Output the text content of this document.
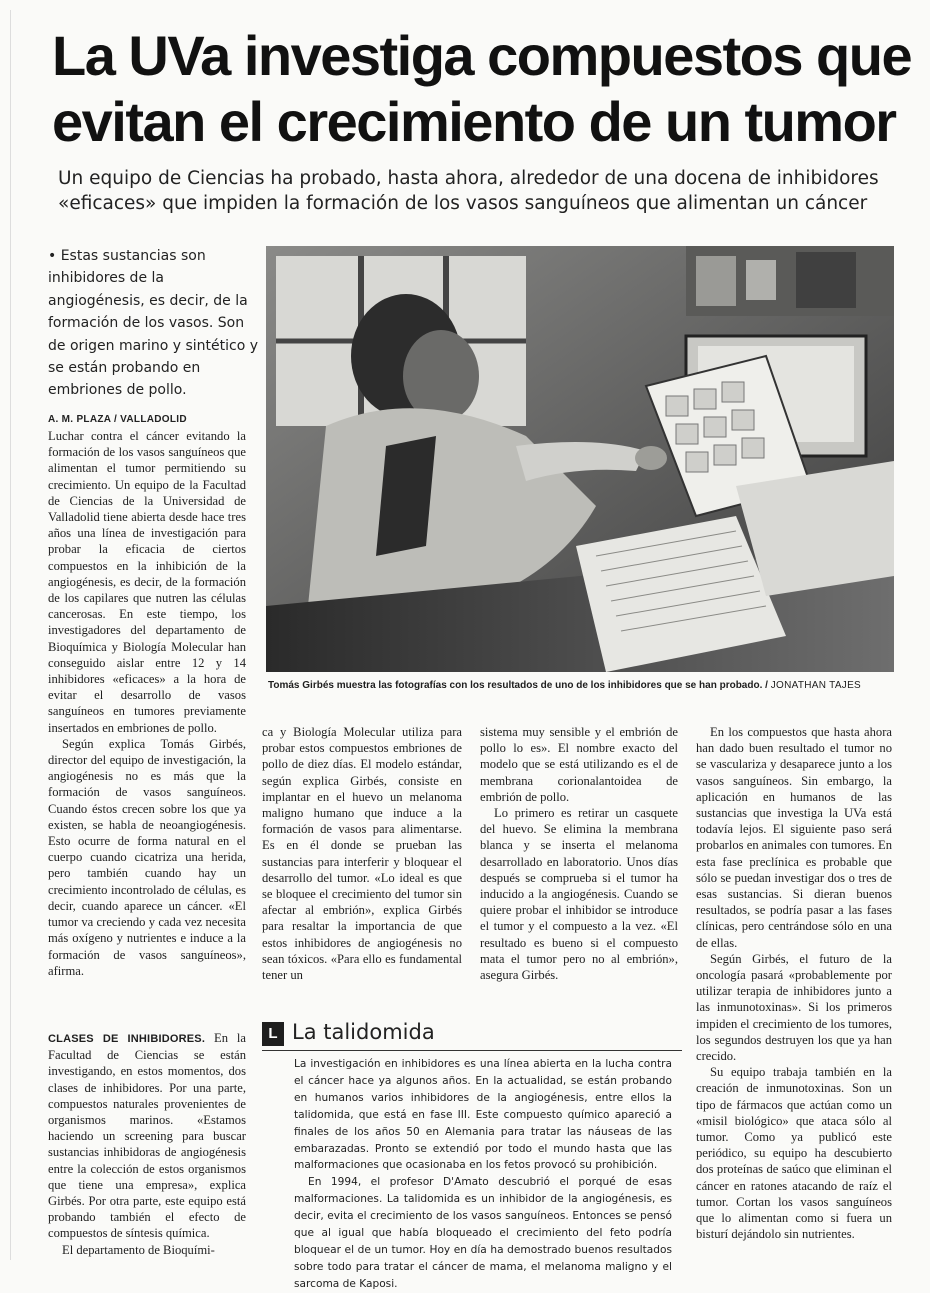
La UVa investiga compuestos que
evitan el crecimiento de un tumor
Un equipo de Ciencias ha probado, hasta ahora, alrededor de una docena de inhibidores
«eficaces» que impiden la formación de los vasos sanguíneos que alimentan un cáncer
• Estas sustancias son inhibidores de la angiogénesis, es decir, de la formación de los vasos. Son de origen marino y sintético y se están probando en embriones de pollo.
A. M. PLAZA / VALLADOLID
Tomás Girbés muestra las fotografías con los resultados de uno de los inhibidores que se han probado. / JONATHAN TAJES

Luchar contra el cáncer evitando la formación de los vasos sanguíneos que alimentan el tumor permitiendo su crecimiento. Un equipo de la Facultad de Ciencias de la Universidad de Valladolid tiene abierta desde hace tres años una línea de investigación para probar la eficacia de ciertos compuestos en la inhibición de la angiogénesis, es decir, de la formación de los capilares que nutren las células cancerosas. En este tiempo, los investigadores del departamento de Bioquímica y Biología Molecular han conseguido aislar entre 12 y 14 inhibidores «eficaces» a la hora de evitar el desarrollo de vasos sanguíneos en tumores previamente insertados en embriones de pollo.

Según explica Tomás Girbés, director del equipo de investigación, la angiogénesis no es más que la formación de vasos sanguíneos. Cuando éstos crecen sobre los que ya existen, se habla de neoangiogénesis. Esto ocurre de forma natural en el cuerpo cuando cicatriza una herida, pero también cuando hay un crecimiento incontrolado de células, es decir, cuando aparece un cáncer. «El tumor va creciendo y cada vez necesita más oxígeno y nutrientes e induce a la formación de vasos sanguíneos», afirma.

CLASES DE INHIBIDORES. En la Facultad de Ciencias se están investigando, en estos momentos, dos clases de inhibidores. Por una parte, compuestos naturales provenientes de organismos marinos. «Estamos haciendo un screening para buscar sustancias inhibidoras de angiogénesis entre la colección de estos organismos que tiene una empresa», explica Girbés. Por otra parte, este equipo está probando también el efecto de compuestos de síntesis química.

El departamento de Bioquími-

ca y Biología Molecular utiliza para probar estos compuestos embriones de pollo de diez días. El modelo estándar, según explica Girbés, consiste en implantar en el huevo un melanoma maligno humano que induce a la formación de vasos para alimentarse. Es en él donde se prueban las sustancias para interferir y bloquear el desarrollo del tumor. «Lo ideal es que se bloquee el crecimiento del tumor sin afectar al embrión», explica Girbés para resaltar la importancia de que estos inhibidores de angiogénesis no sean tóxicos. «Para ello es fundamental tener un

sistema muy sensible y el embrión de pollo lo es». El nombre exacto del modelo que se está utilizando es el de membrana corionalantoidea de embrión de pollo.

Lo primero es retirar un casquete del huevo. Se elimina la membrana blanca y se inserta el melanoma desarrollado en laboratorio. Unos días después se comprueba si el tumor ha inducido a la angiogénesis. Cuando se quiere probar el inhibidor se introduce el tumor y el compuesto a la vez. «El resultado es bueno si el compuesto mata el tumor pero no al embrión», asegura Girbés.

En los compuestos que hasta ahora han dado buen resultado el tumor no se vasculariza y desaparece junto a los vasos sanguíneos. Sin embargo, la aplicación en humanos de las sustancias que investiga la UVa está todavía lejos. El siguiente paso será probarlos en animales con tumores. En esta fase preclínica es probable que sólo se puedan investigar dos o tres de esas sustancias. Si dieran buenos resultados, se podría pasar a las fases clínicas, pero centrándose sólo en una de ellas.

Según Girbés, el futuro de la oncología pasará «probablemente por utilizar terapia de inhibidores junto a las inmunotoxinas». Si los primeros impiden el crecimiento de los tumores, los segundos destruyen los que ya han crecido.

Su equipo trabaja también en la creación de inmunotoxinas. Son un tipo de fármacos que actúan como un «misil biológico» que ataca sólo al tumor. Como ya publicó este periódico, su equipo ha descubierto dos proteínas de saúco que eliminan el cáncer en ratones atacando de raíz el tumor. Cortan los vasos sanguíneos que lo alimentan como si fuera un bisturí dejándolo sin nutrientes.

L La talidomida

La investigación en inhibidores es una línea abierta en la lucha contra el cáncer hace ya algunos años. En la actualidad, se están probando en humanos varios inhibidores de la angiogénesis, entre ellos la talidomida, que está en fase III. Este compuesto químico apareció a finales de los años 50 en Alemania para tratar las náuseas de las embarazadas. Pronto se extendió por todo el mundo hasta que las malformaciones que ocasionaba en los fetos provocó su prohibición.

En 1994, el profesor D'Amato descubrió el porqué de esas malformaciones. La talidomida es un inhibidor de la angiogénesis, es decir, evita el crecimiento de los vasos sanguíneos. Entonces se pensó que al igual que había bloqueado el crecimiento del feto podría bloquear el de un tumor. Hoy en día ha demostrado buenos resultados sobre todo para tratar el cáncer de mama, el melanoma maligno y el sarcoma de Kaposi.
